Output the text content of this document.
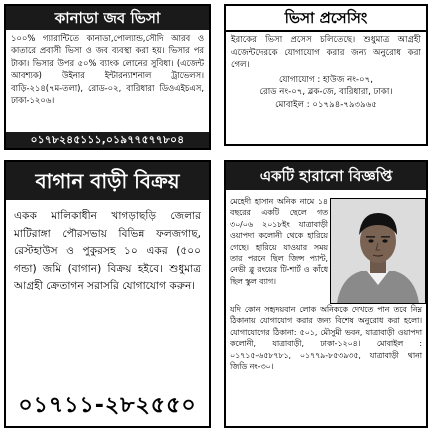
কানাডা জব ভিসা
১০০% গ্যারান্টিতে কানাডা,পোল্যান্ড,সৌদি আরব ও কাতারে প্রবাসী ভিসা ও জব ব্যবস্থা করা হয়। ভিসার পর টাকা। ভিসার উপর ৫০% ব্যাংক লোনের সুবিধা। (এজেন্ট আবশ্যক) উইনার ইন্টারন্যাশনাল ট্রাভেলস। বাড়ি-২১৪(৭ম-তলা), রোড-০২, বারিধারা ডিওএইচএস, ঢাকা-১২০৬।
০১৭৮২৪৫১১১,০১৯৭৭৫৭৭৮০৪
ভিসা প্রসেসিং
ইরাকের ভিসা প্রসেস চলিতেছে। শুধুমাত্র আগ্রহী এজেন্টদেরকে যোগাযোগ করার জন্য অনুরোধ করা গেল।
যোগাযোগ : হাউজ নং-০৭,
রোড নং-০৭, ব্লক-জে, বারিধারা, ঢাকা।
মোবাইল : ০১৭৯৪-৭৯৩৯৬৫
বাগান বাড়ী বিক্রয়
একক মালিকাধীন খাগড়াছড়ি জেলার মাটিরাঙ্গা পৌরসভায় বিভিন্ন ফলজগাছ, রেস্টহাউস ও পুকুরসহ ১০ একর (৫০০ গন্ডা) জমি (বাগান) বিক্রয় হইবে। শুধুমাত্র আগ্রহী ক্রেতাগন সরাসরি যোগাযোগ করুন।
০১৭১১-২৮২৫৫০
একটি হারানো বিজ্ঞপ্তি
মেহেদী হাসান অনিক নামে ১৪ বছরের একটি ছেলে গত ৩০/০৬ ২০১৮ইং যাত্রাবাড়ী ওয়াপদা কলোনী থেকে হারিয়ে গেছে। হারিয়ে যাওয়ার সময় তার পরনে ছিল জিন্স প্যান্ট, নেভী ব্লু রংয়ের টি-শার্ট ও কাঁধে ছিল স্কুল ব্যাগ।
যদি কোন সহৃদয়বান লোক অনিককে দেখতে পান তবে নিম্ন ঠিকানায় যোগাযোগ করার জন্য বিশেষ অনুরোধ করা হলো। যোগাযোগের ঠিকানা: ৫০১, মৌসুমী ভবন, যাত্রাবাড়ী ওয়াপদা কলোনী, যাত্রাবাড়ী, ঢাকা-১২০৪। মোবাইল : ০১৭১৫-৬৫৮৭৮১, ০১৭৭৯-৮৫৩৯৩৫, যাত্রাবাড়ী থানা জিডি নং-৩০।
